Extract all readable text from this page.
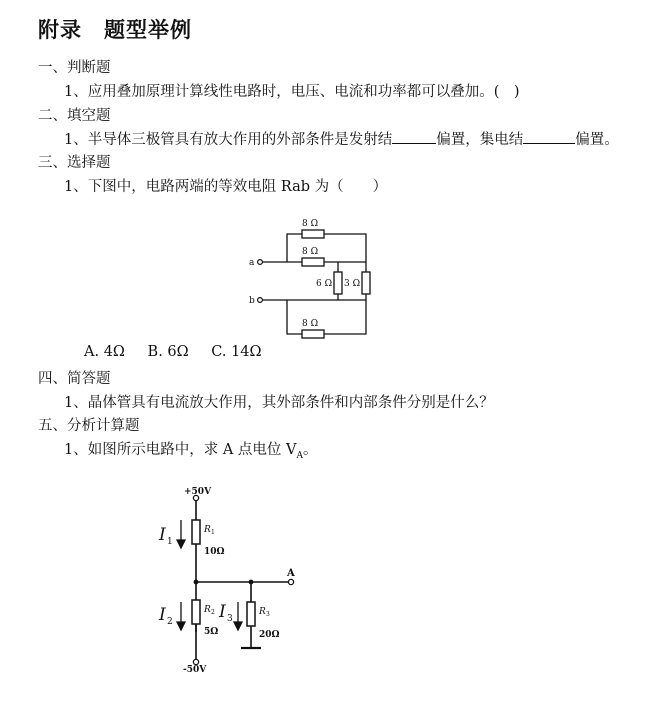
附录　题型举例
一、判断题
1、应用叠加原理计算线性电路时，电压、电流和功率都可以叠加。(　)
二、填空题
1、半导体三极管具有放大作用的外部条件是发射结	偏置，集电结	偏置。
三、选择题
1、下图中，电路两端的等效电阻 Rab 为（　　）
a
b
8 Ω
8 Ω
6 Ω 3 Ω
8 Ω
A. 4Ω B. 6Ω C. 14Ω
四、简答题
1、晶体管具有电流放大作用，其外部条件和内部条件分别是什么？
五、分析计算题
1、如图所示电路中，求 A 点电位 $V_A$。
+50V
-50V
A
R 1
10Ω
R 2
5Ω
R 3
20Ω
I 1
I 2	I 3
